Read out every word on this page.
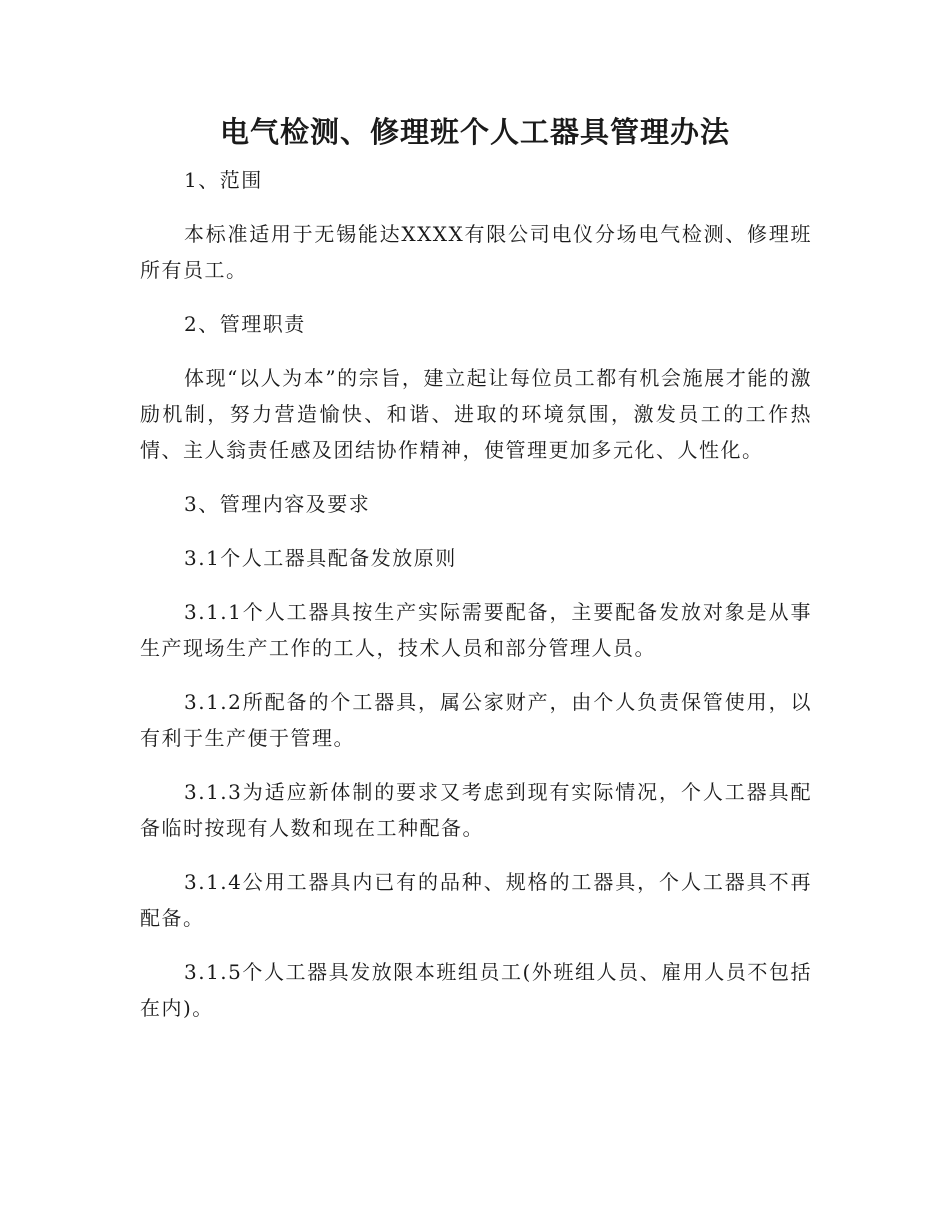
电气检测、修理班个人工器具管理办法

1、范围

本标准适用于无锡能达XXXX有限公司电仪分场电气检测、修理班所有员工。

2、管理职责

体现“以人为本”的宗旨，建立起让每位员工都有机会施展才能的激励机制，努力营造愉快、和谐、进取的环境氛围，激发员工的工作热情、主人翁责任感及团结协作精神，使管理更加多元化、人性化。

3、管理内容及要求

3.1个人工器具配备发放原则

3.1.1个人工器具按生产实际需要配备，主要配备发放对象是从事生产现场生产工作的工人，技术人员和部分管理人员。

3.1.2所配备的个工器具，属公家财产，由个人负责保管使用，以有利于生产便于管理。

3.1.3为适应新体制的要求又考虑到现有实际情况，个人工器具配备临时按现有人数和现在工种配备。

3.1.4公用工器具内已有的品种、规格的工器具，个人工器具不再配备。

3.1.5个人工器具发放限本班组员工(外班组人员、雇用人员不包括在内)。
